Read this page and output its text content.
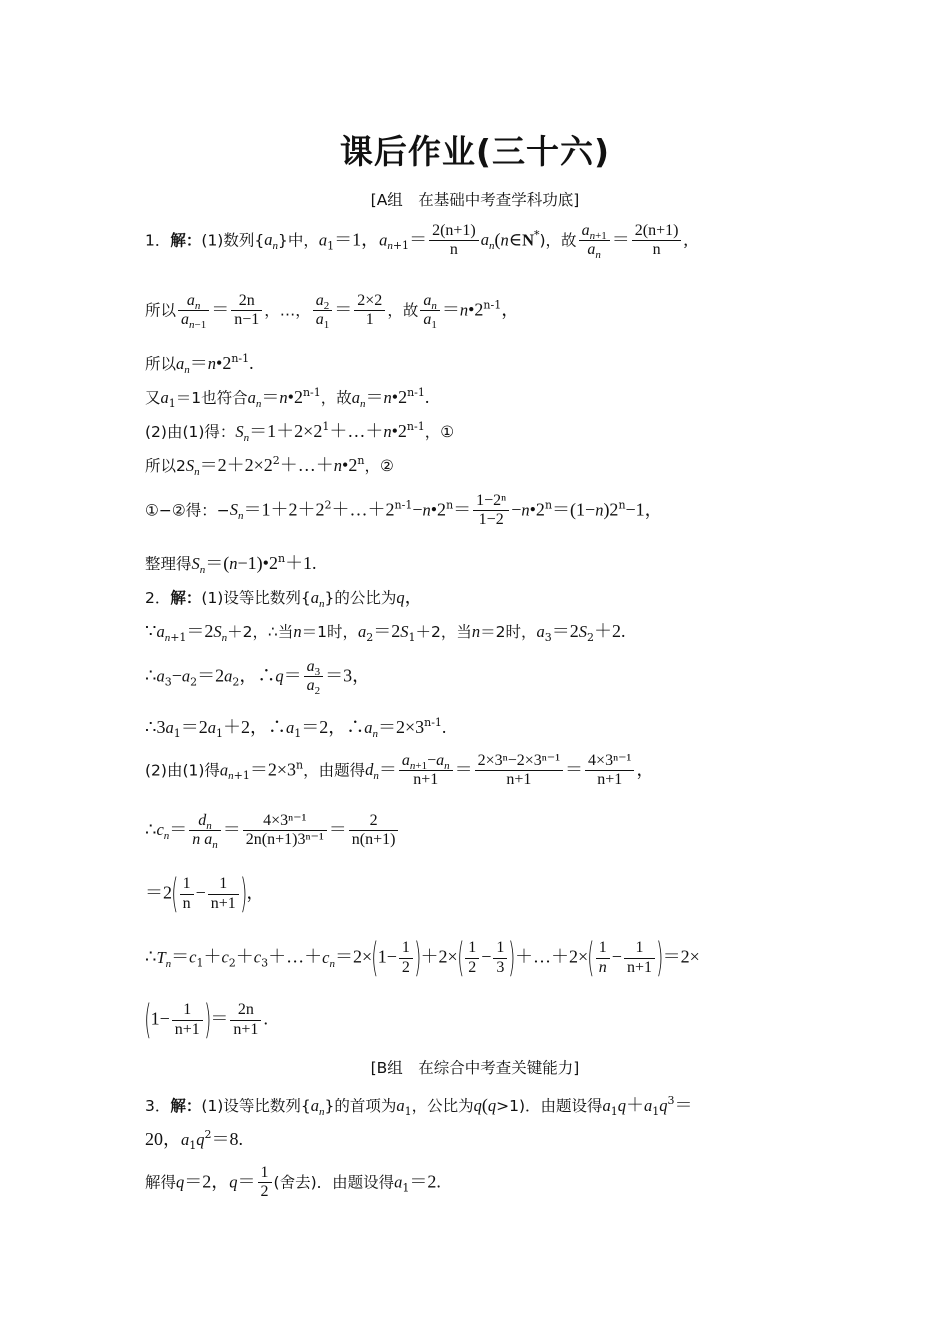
课后作业(三十六)
[A组　在基础中考查学科功底]
1．解：(1)数列$\{a_n\}$中，$a_1=1$，$a_{n+1}= \frac{2(n+1)}{n}$ $a_n(n\in N^*)$，故 $\frac{a_{n+1}}{a_n} = \frac{2(n+1)}{n}$ ,
所以 $\frac{a_n}{a_{n-1}} = \frac{2n}{n-1}$ ，…， $\frac{a_2}{a_1} = \frac{2\times 2}{1}$ ，故 $\frac{a_n}{a_1}$ $=n•2^{n-1}$，
所以$a_n=n•2^{n-1}$.
又$a_1=1$也符合$a_n=n•2^{n-1}$，故$a_n=n•2^{n-1}$.
(2)由(1)得：$S_n=1+2\times 2^1+\dots+n•2^{n-1}$，①
所以$2S_n=2+2\times 2^2+\dots+n•2^n$，②
①−②得：$-S_n=1+2+2^2+\dots+2^{n-1}-n•2^n= \frac{\text{1−2ⁿ}}{1-2}$ $-n•2^n=(1-n)2^n-1$，
整理得$S_n=(n-1)•2^n+1$.
2．解：(1)设等比数列$\{a_n\}$的公比为q，
$\because a_{n+1}=2S_n+2$，∴当n＝1时，$a_2=2S_1+2$，当n＝2时，$a_3=2S_2+2$.
$\therefore a_3-a_2=2a_2$，∴q＝ $\frac{a_3}{a_2} =3$，
$\therefore 3a_1=2a_1+2$，$\therefore a_1=2$，$\therefore a_n=2\times 3^{n-1}$.
(2)由(1)得$a_{n+1}=2\times 3^n$，由题得$d_n= \frac{a_{n+1}-a_n}{n+1} = \frac{\text{2×3ⁿ−2×3ⁿ⁻¹}}{n+1} = \frac{\text{4×3ⁿ⁻¹}}{n+1}$ ，
$\therefore c_n= \frac{d_n}{n a_n} = \frac{\text{4×3ⁿ⁻¹}}{\text{2n(n+1)3ⁿ⁻¹}} = \frac{2}{n(n+1)}$
$=2( \frac{1}{n} - \frac{1}{n+1}$ )，
$\therefore T_n=c_1+c_2+c_3+\dots+c_n=2\times(1- \frac{1}{2} )+2\times( \frac{1}{2} - \frac{1}{3}$ )＋…＋2×( $\frac{1}{n} - \frac{1}{n+1} )=2\times$
($1- \frac{1}{n+1}$ )＝ $\frac{2n}{n+1}$ .
[B组　在综合中考查关键能力]
3．解：(1)设等比数列$\{a_n\}$的首项为$a_1$，公比为q(q>1)．由题设得$a_1q+a_1q^3=$
20，$a_1q^2=8$.
解得q＝2，$q= \frac{1}{2}$ (舍去)．由题设得$a_1=2$.
